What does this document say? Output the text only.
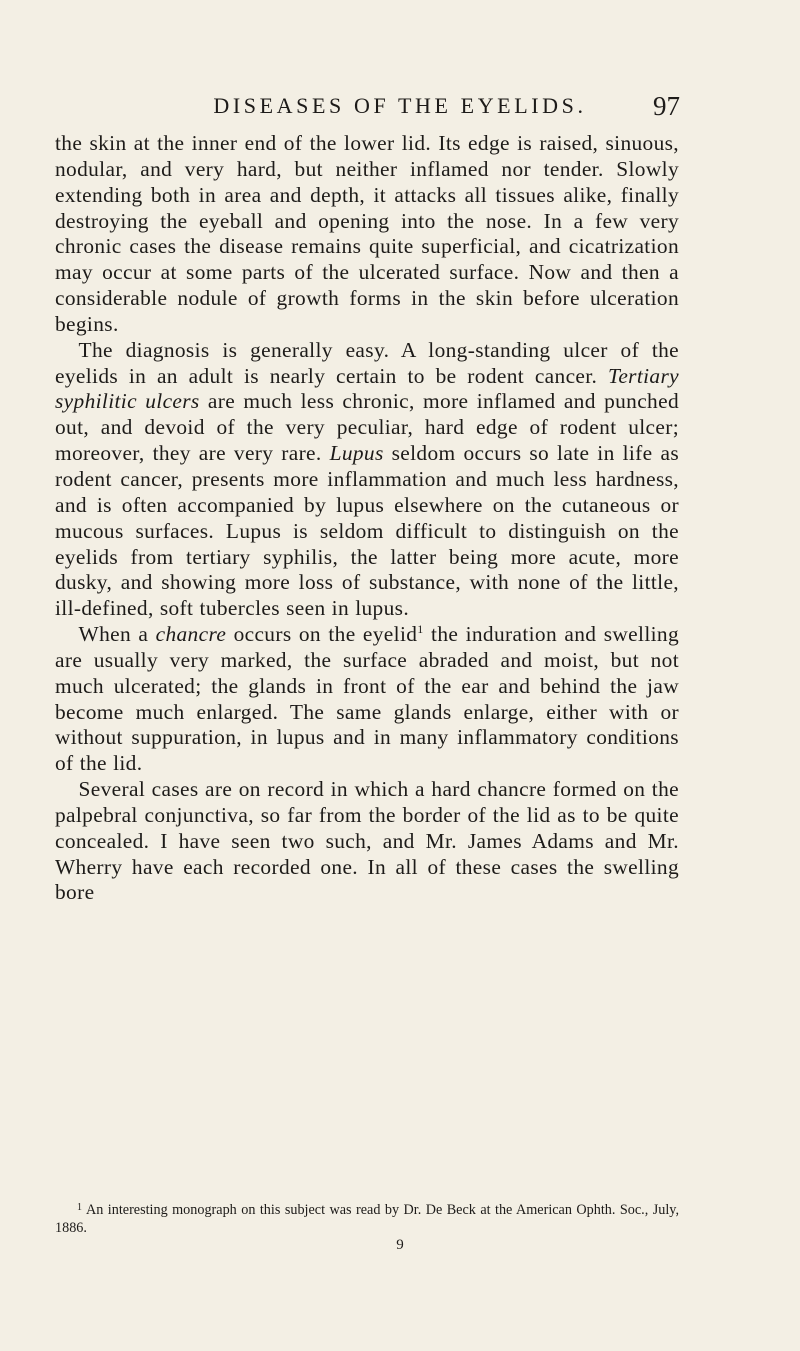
DISEASES OF THE EYELIDS.	97

the skin at the inner end of the lower lid. Its edge is raised, sinuous, nodular, and very hard, but neither inflamed nor tender. Slowly extending both in area and depth, it attacks all tissues alike, finally destroying the eyeball and opening into the nose. In a few very chronic cases the disease remains quite superficial, and cicatrization may occur at some parts of the ulcerated surface. Now and then a considerable nodule of growth forms in the skin before ulceration begins.

The diagnosis is generally easy. A long-standing ulcer of the eyelids in an adult is nearly certain to be rodent cancer. Tertiary syphilitic ulcers are much less chronic, more inflamed and punched out, and devoid of the very peculiar, hard edge of rodent ulcer; moreover, they are very rare. Lupus seldom occurs so late in life as rodent cancer, presents more inflammation and much less hardness, and is often accompanied by lupus elsewhere on the cutaneous or mucous surfaces. Lupus is seldom difficult to distinguish on the eyelids from tertiary syphilis, the latter being more acute, more dusky, and showing more loss of substance, with none of the little, ill-defined, soft tubercles seen in lupus.

When a chancre occurs on the eyelid$^1$ the induration and swelling are usually very marked, the surface abraded and moist, but not much ulcerated; the glands in front of the ear and behind the jaw become much enlarged. The same glands enlarge, either with or without suppuration, in lupus and in many inflammatory conditions of the lid.

Several cases are on record in which a hard chancre formed on the palpebral conjunctiva, so far from the border of the lid as to be quite concealed. I have seen two such, and Mr. James Adams and Mr. Wherry have each recorded one. In all of these cases the swelling bore

$^1$ An interesting monograph on this subject was read by Dr. De Beck at the American Ophth. Soc., July, 1886.
9
